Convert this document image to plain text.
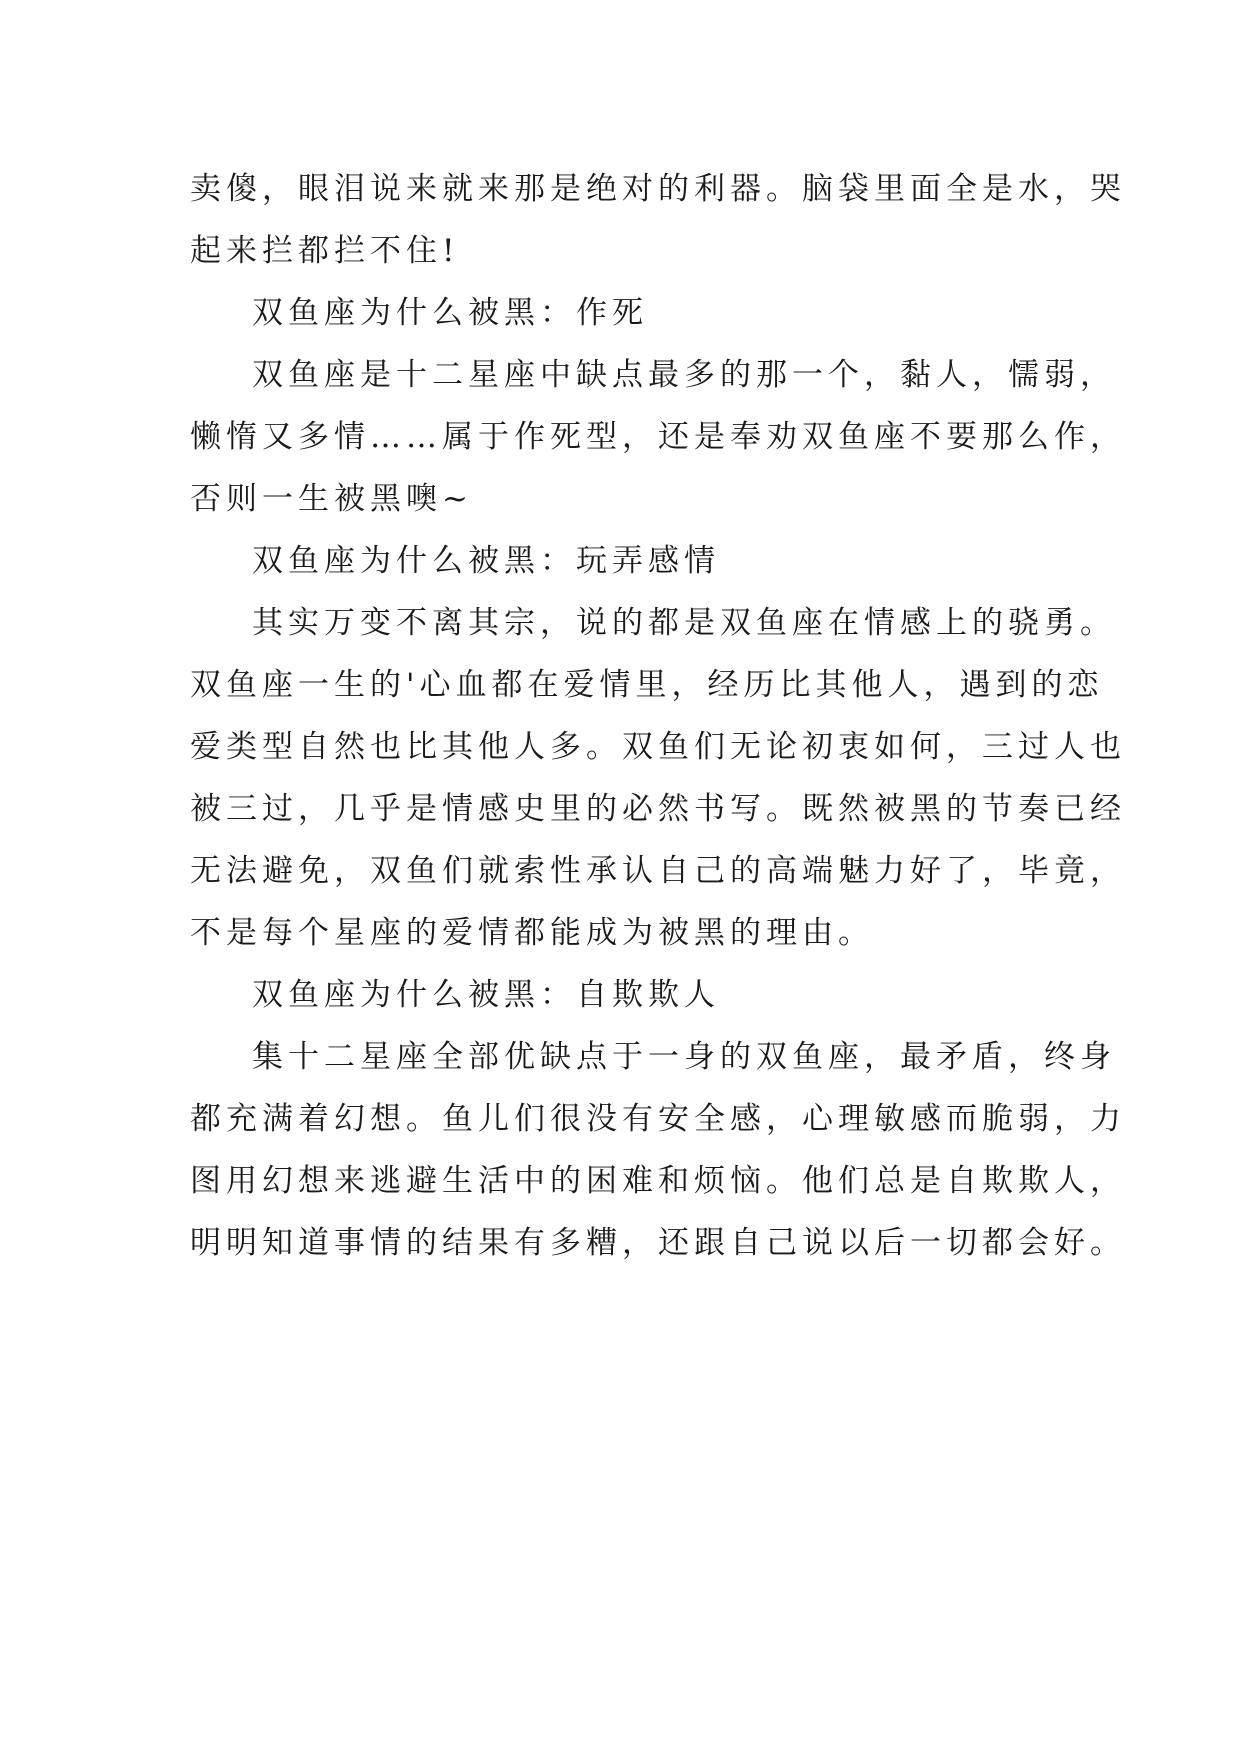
卖傻，眼泪说来就来那是绝对的利器。脑袋里面全是水，哭
起来拦都拦不住!
双鱼座为什么被黑：作死
双鱼座是十二星座中缺点最多的那一个，黏人，懦弱，
懒惰又多情……属于作死型，还是奉劝双鱼座不要那么作，
否则一生被黑噢~
双鱼座为什么被黑：玩弄感情
其实万变不离其宗，说的都是双鱼座在情感上的骁勇。
双鱼座一生的'心血都在爱情里，经历比其他人，遇到的恋
爱类型自然也比其他人多。双鱼们无论初衷如何，三过人也
被三过，几乎是情感史里的必然书写。既然被黑的节奏已经
无法避免，双鱼们就索性承认自己的高端魅力好了，毕竟，
不是每个星座的爱情都能成为被黑的理由。
双鱼座为什么被黑：自欺欺人
集十二星座全部优缺点于一身的双鱼座，最矛盾，终身
都充满着幻想。鱼儿们很没有安全感，心理敏感而脆弱，力
图用幻想来逃避生活中的困难和烦恼。他们总是自欺欺人，
明明知道事情的结果有多糟，还跟自己说以后一切都会好。
